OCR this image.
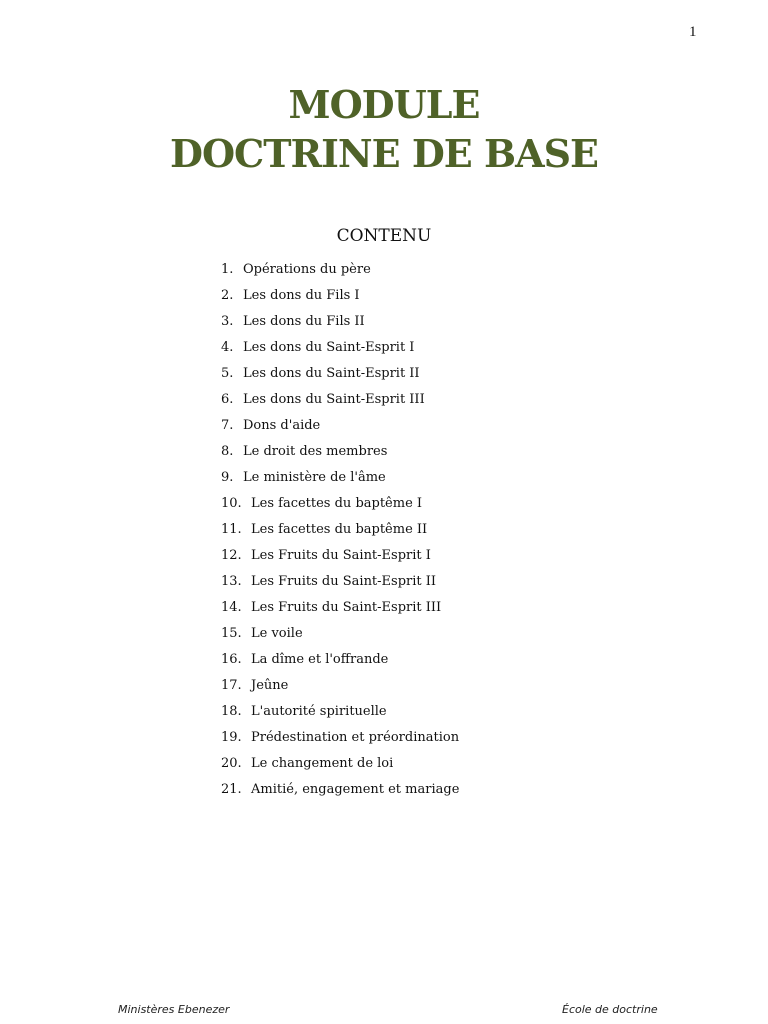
1
MODULE
DOCTRINE DE BASE
CONTENU
1. Opérations du père
2. Les dons du Fils I
3. Les dons du Fils II
4. Les dons du Saint-Esprit I
5. Les dons du Saint-Esprit II
6. Les dons du Saint-Esprit III
7. Dons d'aide
8. Le droit des membres
9. Le ministère de l'âme
10. Les facettes du baptême I
11. Les facettes du baptême II
12. Les Fruits du Saint-Esprit I
13. Les Fruits du Saint-Esprit II
14. Les Fruits du Saint-Esprit III
15. Le voile
16. La dîme et l'offrande
17. Jeûne
18. L'autorité spirituelle
19. Prédestination et préordination
20. Le changement de loi
21. Amitié, engagement et mariage
Ministères Ebenezer	École de doctrine
